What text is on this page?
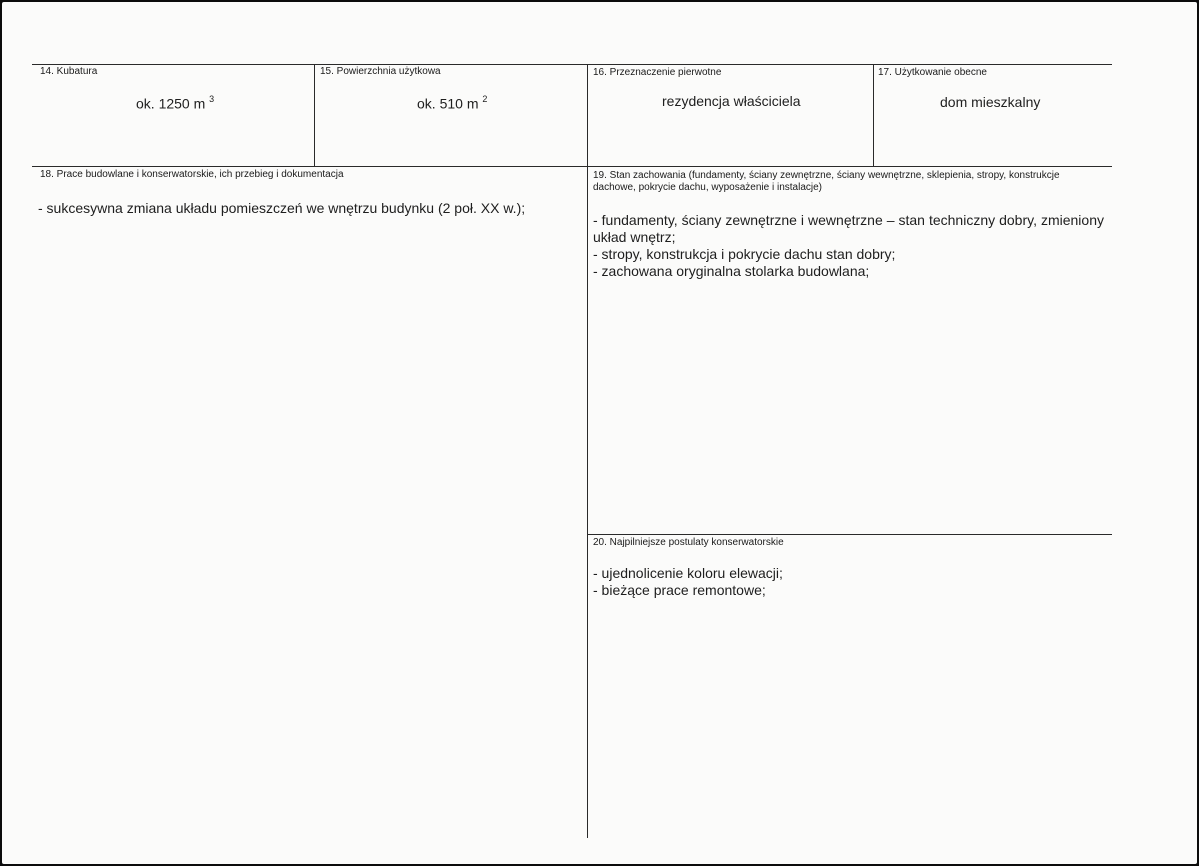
14. Kubatura
ok. 1250 m $^3$
15. Powierzchnia użytkowa
ok. 510 m $^2$
16. Przeznaczenie pierwotne
rezydencja właściciela
17. Użytkowanie obecne
dom mieszkalny
18. Prace budowlane i konserwatorskie, ich przebieg i dokumentacja
- sukcesywna zmiana układu pomieszczeń we wnętrzu budynku (2 poł. XX w.);
19. Stan zachowania (fundamenty, ściany zewnętrzne, ściany wewnętrzne, sklepienia, stropy, konstrukcje dachowe, pokrycie dachu, wyposażenie i instalacje)
- fundamenty, ściany zewnętrzne i wewnętrzne – stan techniczny dobry, zmieniony układ wnętrz;
- stropy, konstrukcja i pokrycie dachu stan dobry;
- zachowana oryginalna stolarka budowlana;
20. Najpilniejsze postulaty konserwatorskie
- ujednolicenie koloru elewacji;
- bieżące prace remontowe;
